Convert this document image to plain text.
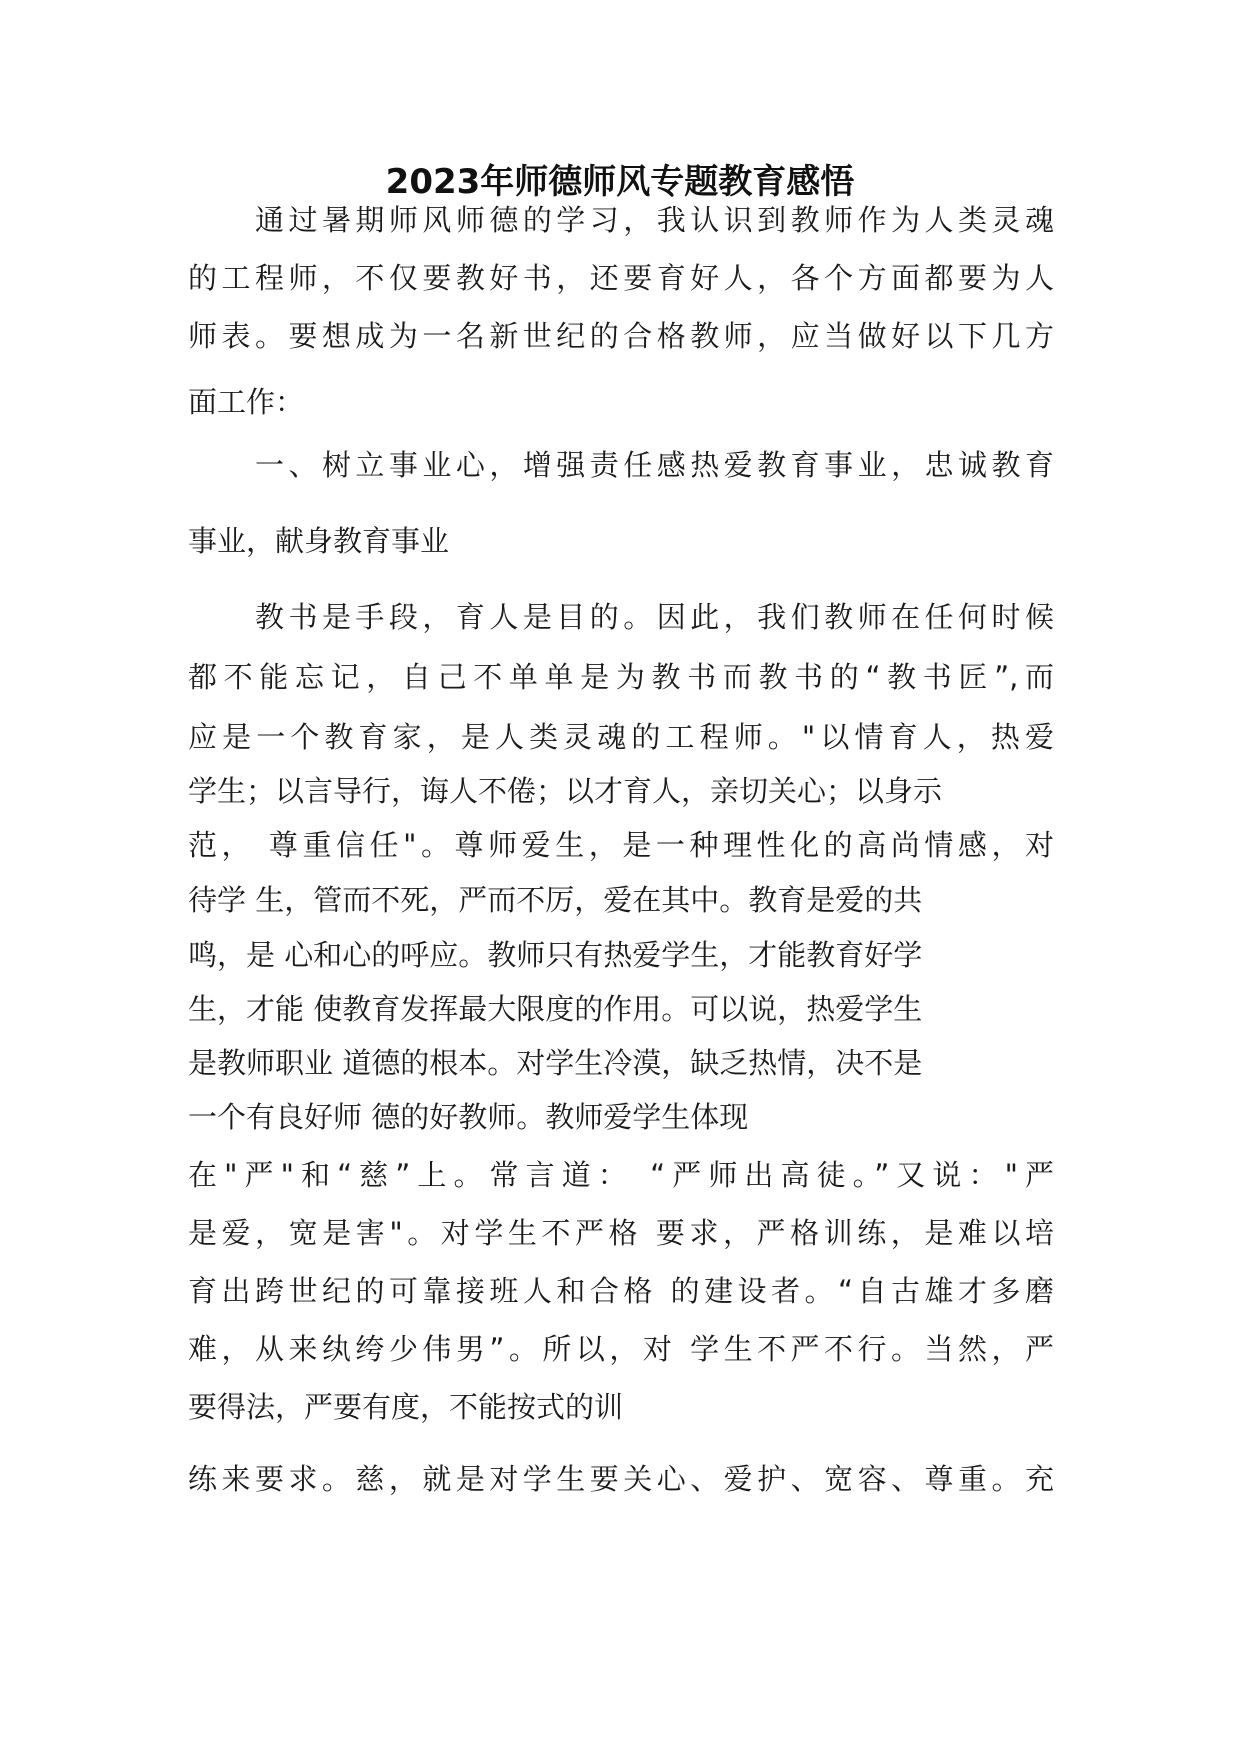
2023年师德师风专题教育感悟
通过暑期师风师德的学习，我认识到教师作为人类灵魂
的工程师，不仅要教好书，还要育好人，各个方面都要为人
师表。要想成为一名新世纪的合格教师，应当做好以下几方
面工作：
一、树立事业心，增强责任感热爱教育事业，忠诚教育
事业，献身教育事业
教书是手段，育人是目的。因此，我们教师在任何时候
都不能忘记，自己不单单是为教书而教书的“教书匠”,而
应是一个教育家，是人类灵魂的工程师。"以情育人，热爱
学生；以言导行，诲人不倦；以才育人，亲切关心；以身示
范， 尊重信任"。尊师爱生，是一种理性化的高尚情感，对
待学 生，管而不死，严而不厉，爱在其中。教育是爱的共
鸣，是 心和心的呼应。教师只有热爱学生，才能教育好学
生，才能 使教育发挥最大限度的作用。可以说，热爱学生
是教师职业 道德的根本。对学生冷漠，缺乏热情，决不是
一个有良好师 德的好教师。教师爱学生体现
在"严"和“慈”上。常言道： “严师出高徒。”又说："严
是爱，宽是害"。对学生不严格 要求，严格训练，是难以培
育出跨世纪的可靠接班人和合格 的建设者。“自古雄才多磨
难，从来纨绔少伟男”。所以，对 学生不严不行。当然，严
要得法，严要有度，不能按式的训
练来要求。慈，就是对学生要关心、爱护、宽容、尊重。充
